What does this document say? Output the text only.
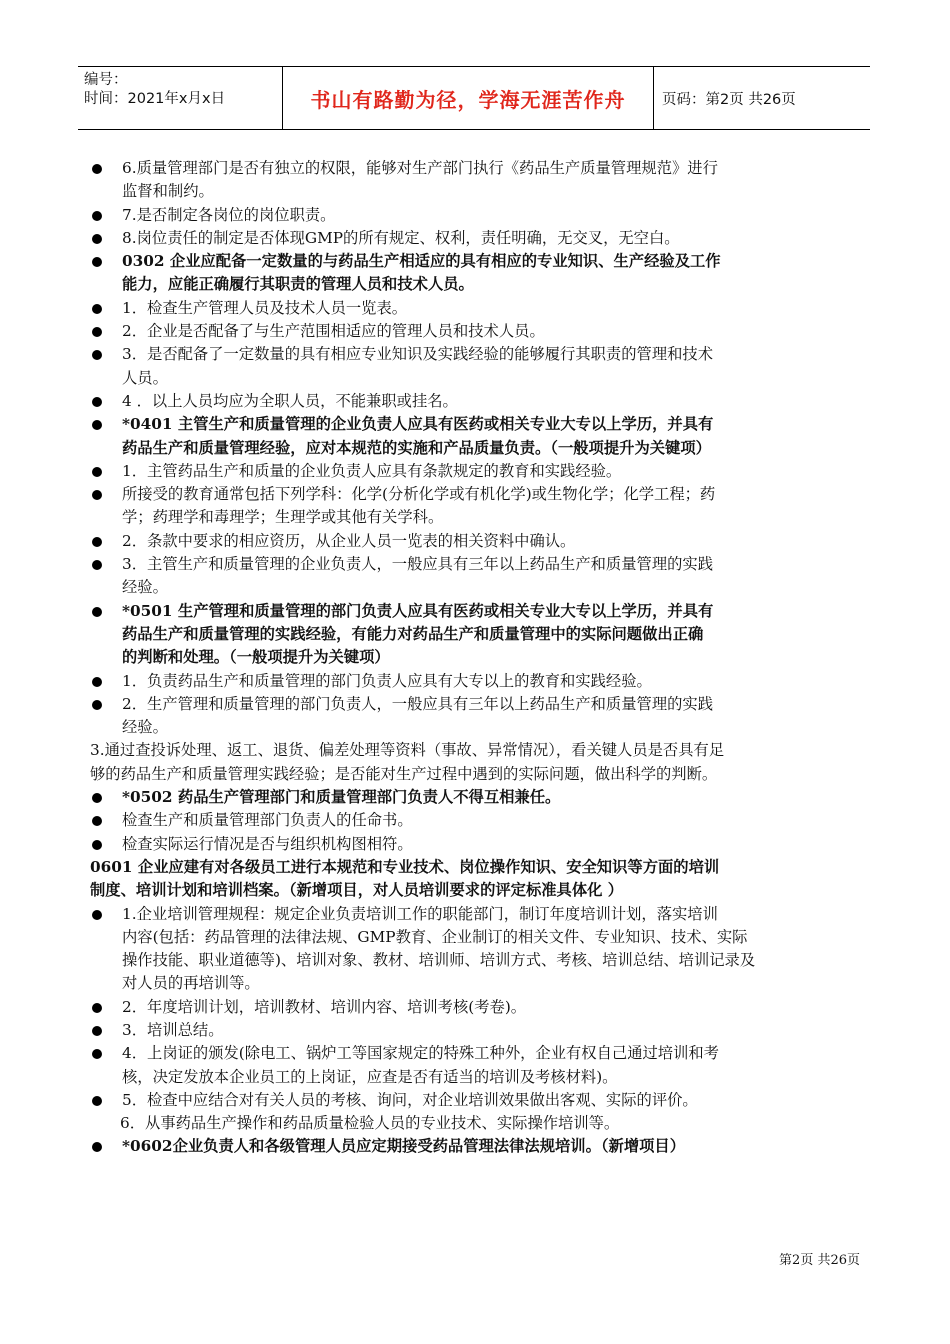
编号：
时间：2021年x月x日	书山有路勤为径，学海无涯苦作舟	页码：第2页 共26页
6.质量管理部门是否有独立的权限，能够对生产部门执行《药品生产质量管理规范》进行
监督和制约。
7.是否制定各岗位的岗位职责。
8.岗位责任的制定是否体现GMP的所有规定、权利，责任明确，无交叉，无空白。
0302 企业应配备一定数量的与药品生产相适应的具有相应的专业知识、生产经验及工作
能力，应能正确履行其职责的管理人员和技术人员。
1．检查生产管理人员及技术人员一览表。
2．企业是否配备了与生产范围相适应的管理人员和技术人员。
3．是否配备了一定数量的具有相应专业知识及实践经验的能够履行其职责的管理和技术
人员。
4 ．以上人员均应为全职人员，不能兼职或挂名。
*0401 主管生产和质量管理的企业负责人应具有医药或相关专业大专以上学历，并具有
药品生产和质量管理经验，应对本规范的实施和产品质量负责。（一般项提升为关键项）
1．主管药品生产和质量的企业负责人应具有条款规定的教育和实践经验。
所接受的教育通常包括下列学科：化学(分析化学或有机化学)或生物化学；化学工程；药
学；药理学和毒理学；生理学或其他有关学科。
2．条款中要求的相应资历，从企业人员一览表的相关资料中确认。
3．主管生产和质量管理的企业负责人，一般应具有三年以上药品生产和质量管理的实践
经验。
*0501 生产管理和质量管理的部门负责人应具有医药或相关专业大专以上学历，并具有
药品生产和质量管理的实践经验，有能力对药品生产和质量管理中的实际问题做出正确
的判断和处理。（一般项提升为关键项）
1．负责药品生产和质量管理的部门负责人应具有大专以上的教育和实践经验。
2．生产管理和质量管理的部门负责人，一般应具有三年以上药品生产和质量管理的实践
经验。
3.通过查投诉处理、返工、退货、偏差处理等资料（事故、异常情况），看关键人员是否具有足
够的药品生产和质量管理实践经验；是否能对生产过程中遇到的实际问题，做出科学的判断。
*0502 药品生产管理部门和质量管理部门负责人不得互相兼任。
检查生产和质量管理部门负责人的任命书。
检查实际运行情况是否与组织机构图相符。
0601 企业应建有对各级员工进行本规范和专业技术、岗位操作知识、安全知识等方面的培训
制度、培训计划和培训档案。（新增项目，对人员培训要求的评定标准具体化 ）
1.企业培训管理规程：规定企业负责培训工作的职能部门，制订年度培训计划，落实培训
内容(包括：药品管理的法律法规、GMP教育、企业制订的相关文件、专业知识、技术、实际
操作技能、职业道德等)、培训对象、教材、培训师、培训方式、考核、培训总结、培训记录及
对人员的再培训等。
2．年度培训计划，培训教材、培训内容、培训考核(考卷)。
3．培训总结。
4．上岗证的颁发(除电工、锅炉工等国家规定的特殊工种外，企业有权自己通过培训和考
核，决定发放本企业员工的上岗证，应查是否有适当的培训及考核材料)。
5．检查中应结合对有关人员的考核、询问，对企业培训效果做出客观、实际的评价。
6．从事药品生产操作和药品质量检验人员的专业技术、实际操作培训等。
*0602企业负责人和各级管理人员应定期接受药品管理法律法规培训。（新增项目）
第2页 共26页
